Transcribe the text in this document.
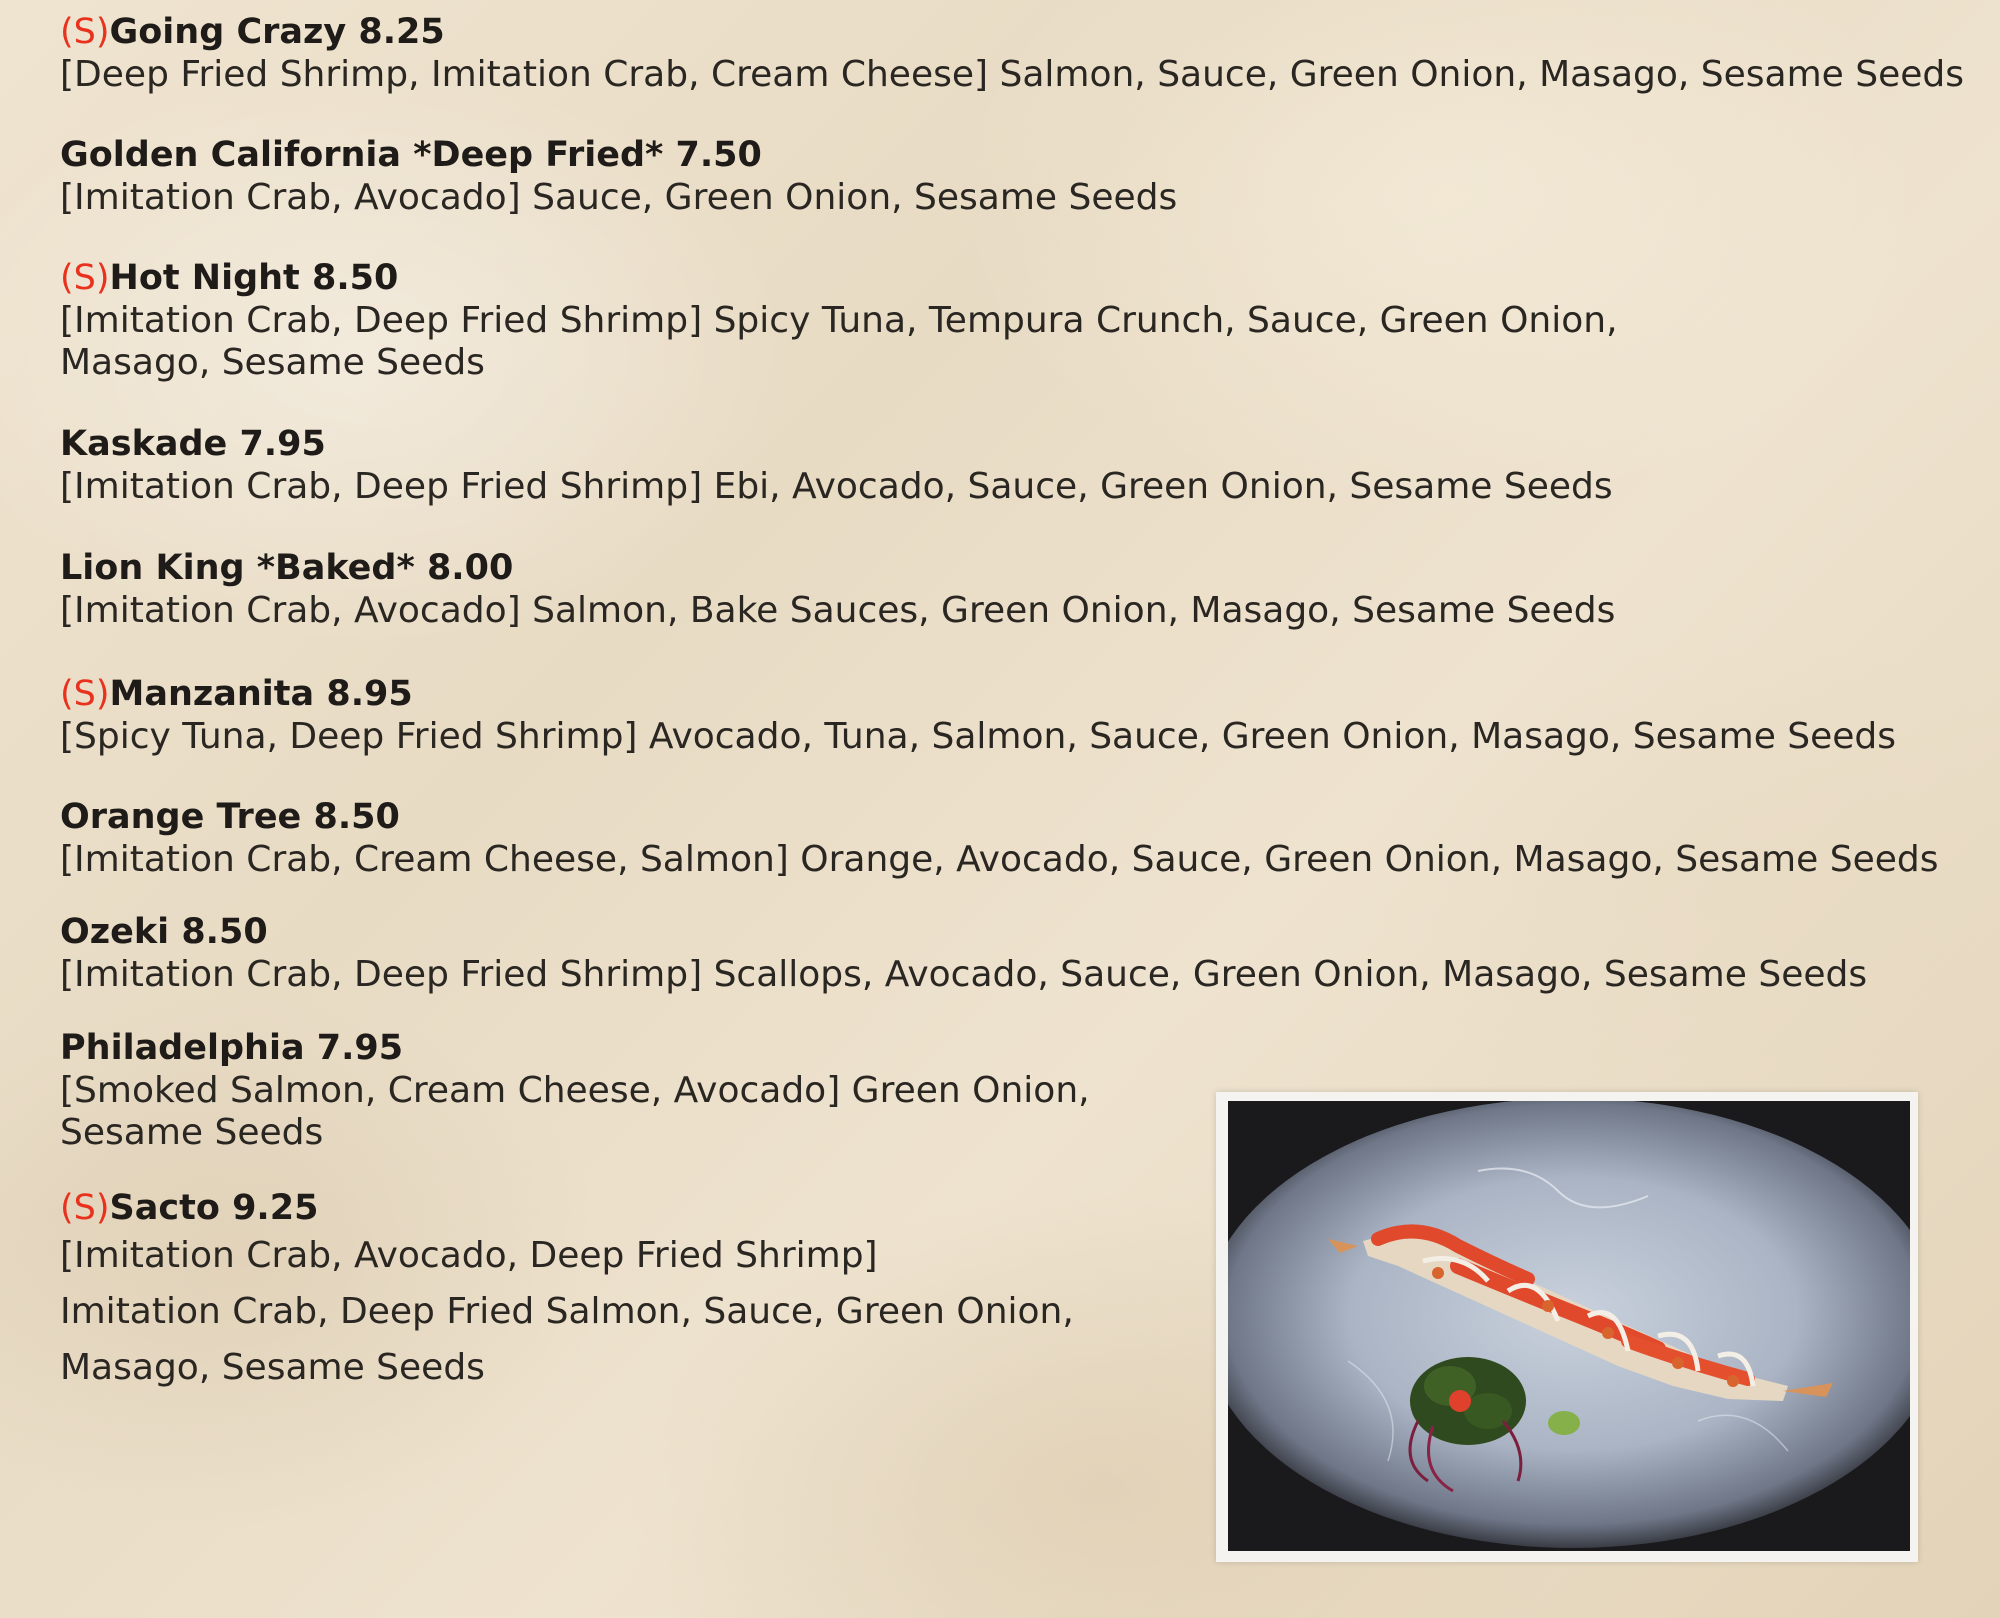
(S)Going Crazy 8.25
[Deep Fried Shrimp, Imitation Crab, Cream Cheese] Salmon, Sauce, Green Onion, Masago, Sesame Seeds
Golden California *Deep Fried* 7.50
[Imitation Crab, Avocado] Sauce, Green Onion, Sesame Seeds
(S)Hot Night 8.50
[Imitation Crab, Deep Fried Shrimp] Spicy Tuna, Tempura Crunch, Sauce, Green Onion,
Masago, Sesame Seeds
Kaskade 7.95
[Imitation Crab, Deep Fried Shrimp] Ebi, Avocado, Sauce, Green Onion, Sesame Seeds
Lion King *Baked* 8.00
[Imitation Crab, Avocado] Salmon, Bake Sauces, Green Onion, Masago, Sesame Seeds
(S)Manzanita 8.95
[Spicy Tuna, Deep Fried Shrimp] Avocado, Tuna, Salmon, Sauce, Green Onion, Masago, Sesame Seeds
Orange Tree 8.50
[Imitation Crab, Cream Cheese, Salmon] Orange, Avocado, Sauce, Green Onion, Masago, Sesame Seeds
Ozeki 8.50
[Imitation Crab, Deep Fried Shrimp] Scallops, Avocado, Sauce, Green Onion, Masago, Sesame Seeds
Philadelphia 7.95
[Smoked Salmon, Cream Cheese, Avocado] Green Onion,
Sesame Seeds
(S)Sacto 9.25
[Imitation Crab, Avocado, Deep Fried Shrimp]
Imitation Crab, Deep Fried Salmon, Sauce, Green Onion,
Masago, Sesame Seeds
